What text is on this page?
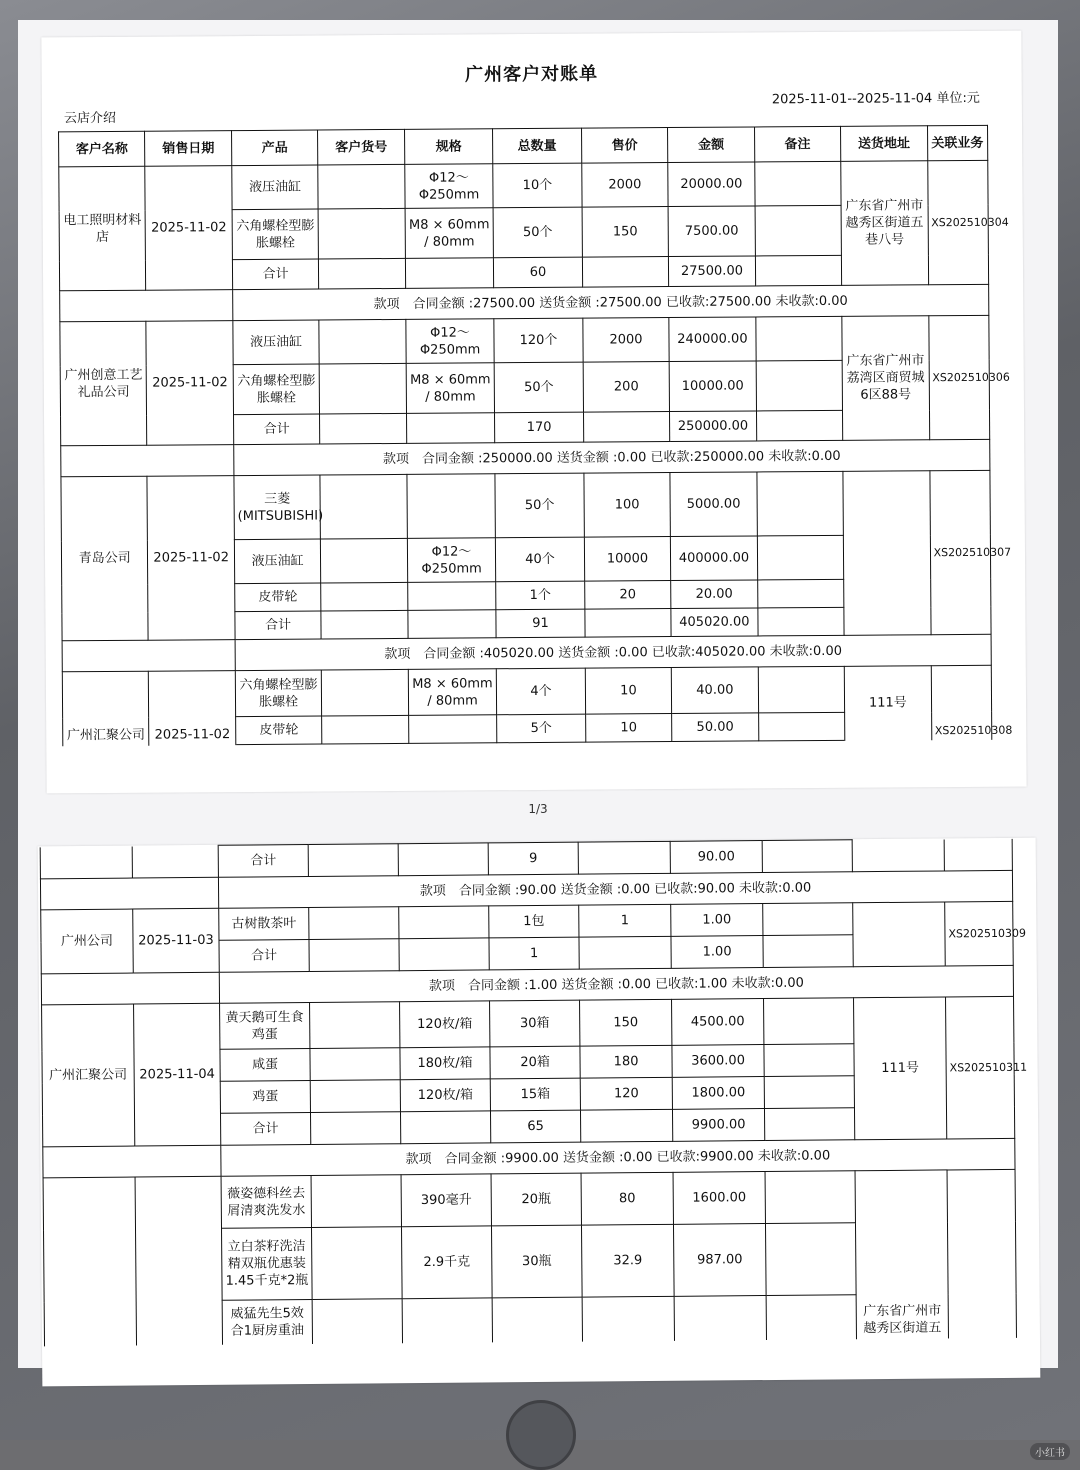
广州客户对账单
云店介绍
2025-11-01--2025-11-04 单位:元
客户名称	销售日期	产品	客户货号	规格	总数量	售价	金额	备注	送货地址	关联业务
电工照明材料店	2025-11-02	液压油缸		Φ12～Φ250mm	10个	2000	20000.00		广东省广州市越秀区街道五巷八号	XS202510304
		六角螺栓型膨胀螺栓		M8 × 60mm / 80mm	50个	150	7500.00			
		合计			60		27500.00			
		款项　合同金额 :27500.00 送货金额 :27500.00 已收款:27500.00 未收款:0.00								
广州创意工艺礼品公司	2025-11-02	液压油缸		Φ12～Φ250mm	120个	2000	240000.00		广东省广州市荔湾区商贸城6区88号	XS202510306
		六角螺栓型膨胀螺栓		M8 × 60mm / 80mm	50个	200	10000.00			
		合计			170		250000.00			
		款项　合同金额 :250000.00 送货金额 :0.00 已收款:250000.00 未收款:0.00								
青岛公司	2025-11-02	三菱(MITSUBISHI)			50个	100	5000.00			XS202510307
		液压油缸		Φ12～Φ250mm	40个	10000	400000.00			
		皮带轮			1个	20	20.00			
		合计			91		405020.00			
		款项　合同金额 :405020.00 送货金额 :0.00 已收款:405020.00 未收款:0.00								
广州汇聚公司	2025-11-02	六角螺栓型膨胀螺栓		M8 × 60mm / 80mm	4个	10	40.00		111号	XS202510308
		皮带轮			5个	10	50.00			
1/3
		合计			9		90.00			
		款项　合同金额 :90.00 送货金额 :0.00 已收款:90.00 未收款:0.00								
广州公司	2025-11-03	古树散茶叶			1包	1	1.00			XS202510309
		合计			1		1.00			
		款项　合同金额 :1.00 送货金额 :0.00 已收款:1.00 未收款:0.00								
广州汇聚公司	2025-11-04	黄天鹅可生食鸡蛋		120枚/箱	30箱	150	4500.00		111号	XS202510311
		咸蛋		180枚/箱	20箱	180	3600.00			
		鸡蛋		120枚/箱	15箱	120	1800.00			
		合计			65		9900.00			
		款项　合同金额 :9900.00 送货金额 :0.00 已收款:9900.00 未收款:0.00								
		薇姿德科丝去屑清爽洗发水		390毫升	20瓶	80	1600.00		广东省广州市越秀区街道五	
		立白茶籽洗洁精双瓶优惠装1.45千克*2瓶		2.9千克	30瓶	32.9	987.00			
		威猛先生5效合1厨房重油								
小红书
